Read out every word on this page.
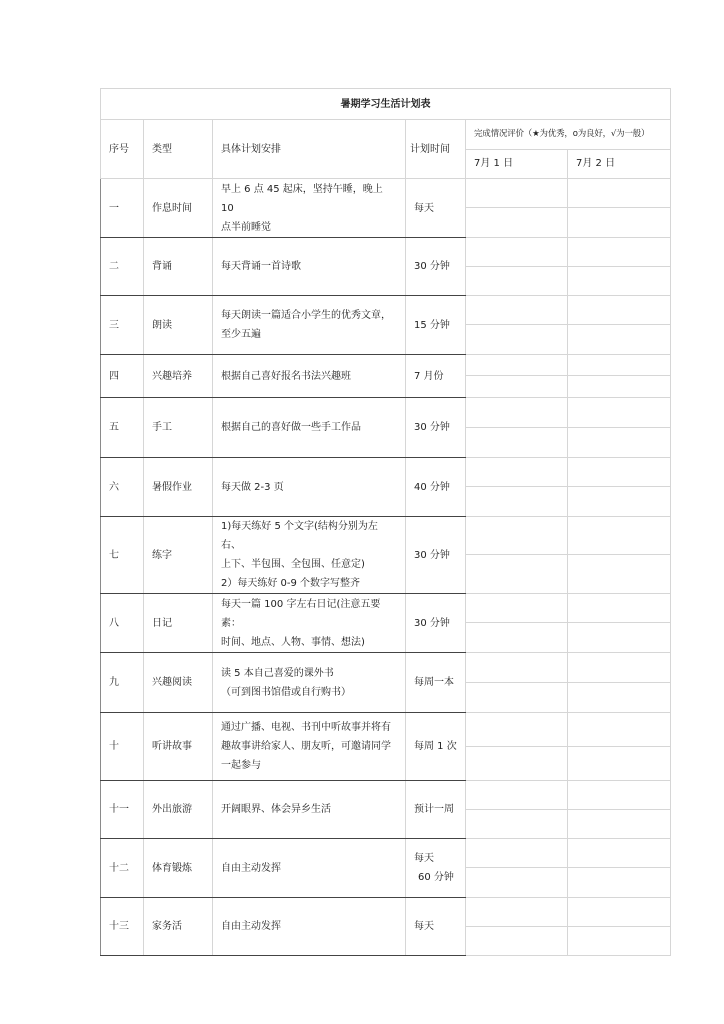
暑期学习生活计划表					
序号	类型	具体计划安排	计划时间	完成情况评价（★为优秀，o为良好，√为一般）	
				7月 1 日	7月 2 日
一	作息时间	早上 6 点 45 起床，坚持午睡，晚上 10
点半前睡觉	每天		

二	背诵	每天背诵一首诗歌	30 分钟		

三	朗读	每天朗读一篇适合小学生的优秀文章，
至少五遍	15 分钟		

四	兴趣培养	根据自己喜好报名书法兴趣班	7 月份		

五	手工	根据自己的喜好做一些手工作品	30 分钟		

六	暑假作业	每天做 2-3 页	40 分钟		

七	练字	1)每天练好 5 个文字(结构分别为左右、
上下、半包围、全包围、任意定)
2）每天练好 0-9 个数字写整齐	30 分钟		

八	日记	每天一篇 100 字左右日记(注意五要素：
时间、地点、人物、事情、想法)	30 分钟		

九	兴趣阅读	读 5 本自己喜爱的课外书
（可到图书馆借或自行购书）	每周一本		

十	听讲故事	通过广播、电视、书刊中听故事并将有
趣故事讲给家人、朋友听，可邀请同学
一起参与	每周 1 次		

十一	外出旅游	开阔眼界、体会异乡生活	预计一周		

十二	体育锻炼	自由主动发挥	每天
60 分钟		

十三	家务活	自由主动发挥	每天		
